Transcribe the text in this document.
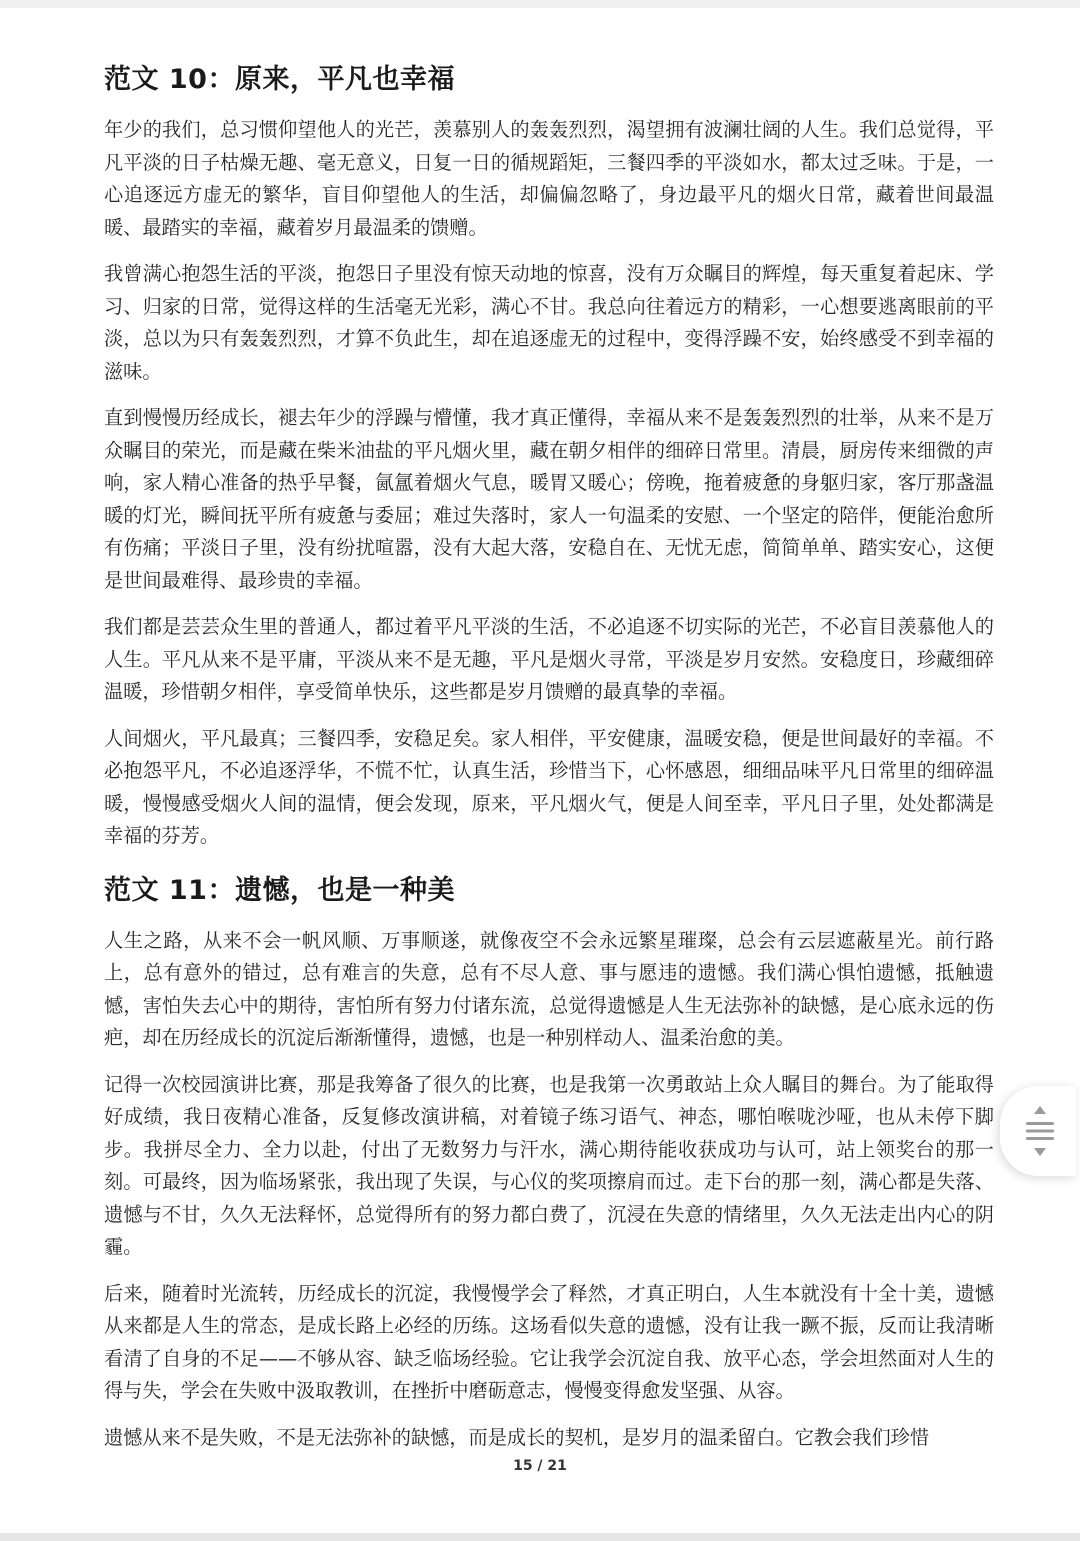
范文 10：原来，平凡也幸福

年少的我们，总习惯仰望他人的光芒，羡慕别人的轰轰烈烈，渴望拥有波澜壮阔的人生。我们总觉得，平凡平淡的日子枯燥无趣、毫无意义，日复一日的循规蹈矩，三餐四季的平淡如水，都太过乏味。于是，一心追逐远方虚无的繁华，盲目仰望他人的生活，却偏偏忽略了，身边最平凡的烟火日常，藏着世间最温暖、最踏实的幸福，藏着岁月最温柔的馈赠。

我曾满心抱怨生活的平淡，抱怨日子里没有惊天动地的惊喜，没有万众瞩目的辉煌，每天重复着起床、学习、归家的日常，觉得这样的生活毫无光彩，满心不甘。我总向往着远方的精彩，一心想要逃离眼前的平淡，总以为只有轰轰烈烈，才算不负此生，却在追逐虚无的过程中，变得浮躁不安，始终感受不到幸福的滋味。

直到慢慢历经成长，褪去年少的浮躁与懵懂，我才真正懂得，幸福从来不是轰轰烈烈的壮举，从来不是万众瞩目的荣光，而是藏在柴米油盐的平凡烟火里，藏在朝夕相伴的细碎日常里。清晨，厨房传来细微的声响，家人精心准备的热乎早餐，氤氲着烟火气息，暖胃又暖心；傍晚，拖着疲惫的身躯归家，客厅那盏温暖的灯光，瞬间抚平所有疲惫与委屈；难过失落时，家人一句温柔的安慰、一个坚定的陪伴，便能治愈所有伤痛；平淡日子里，没有纷扰喧嚣，没有大起大落，安稳自在、无忧无虑，简简单单、踏实安心，这便是世间最难得、最珍贵的幸福。

我们都是芸芸众生里的普通人，都过着平凡平淡的生活，不必追逐不切实际的光芒，不必盲目羡慕他人的人生。平凡从来不是平庸，平淡从来不是无趣，平凡是烟火寻常，平淡是岁月安然。安稳度日，珍藏细碎温暖，珍惜朝夕相伴，享受简单快乐，这些都是岁月馈赠的最真挚的幸福。

人间烟火，平凡最真；三餐四季，安稳足矣。家人相伴，平安健康，温暖安稳，便是世间最好的幸福。不必抱怨平凡，不必追逐浮华，不慌不忙，认真生活，珍惜当下，心怀感恩，细细品味平凡日常里的细碎温暖，慢慢感受烟火人间的温情，便会发现，原来，平凡烟火气，便是人间至幸，平凡日子里，处处都满是幸福的芬芳。

范文 11：遗憾，也是一种美

人生之路，从来不会一帆风顺、万事顺遂，就像夜空不会永远繁星璀璨，总会有云层遮蔽星光。前行路上，总有意外的错过，总有难言的失意，总有不尽人意、事与愿违的遗憾。我们满心惧怕遗憾，抵触遗憾，害怕失去心中的期待，害怕所有努力付诸东流，总觉得遗憾是人生无法弥补的缺憾，是心底永远的伤疤，却在历经成长的沉淀后渐渐懂得，遗憾，也是一种别样动人、温柔治愈的美。

记得一次校园演讲比赛，那是我筹备了很久的比赛，也是我第一次勇敢站上众人瞩目的舞台。为了能取得好成绩，我日夜精心准备，反复修改演讲稿，对着镜子练习语气、神态，哪怕喉咙沙哑，也从未停下脚步。我拼尽全力、全力以赴，付出了无数努力与汗水，满心期待能收获成功与认可，站上领奖台的那一刻。可最终，因为临场紧张，我出现了失误，与心仪的奖项擦肩而过。走下台的那一刻，满心都是失落、遗憾与不甘，久久无法释怀，总觉得所有的努力都白费了，沉浸在失意的情绪里，久久无法走出内心的阴霾。

后来，随着时光流转，历经成长的沉淀，我慢慢学会了释然，才真正明白，人生本就没有十全十美，遗憾从来都是人生的常态，是成长路上必经的历练。这场看似失意的遗憾，没有让我一蹶不振，反而让我清晰看清了自身的不足——不够从容、缺乏临场经验。它让我学会沉淀自我、放平心态，学会坦然面对人生的得与失，学会在失败中汲取教训，在挫折中磨砺意志，慢慢变得愈发坚强、从容。

遗憾从来不是失败，不是无法弥补的缺憾，而是成长的契机，是岁月的温柔留白。它教会我们珍惜

15 / 21
